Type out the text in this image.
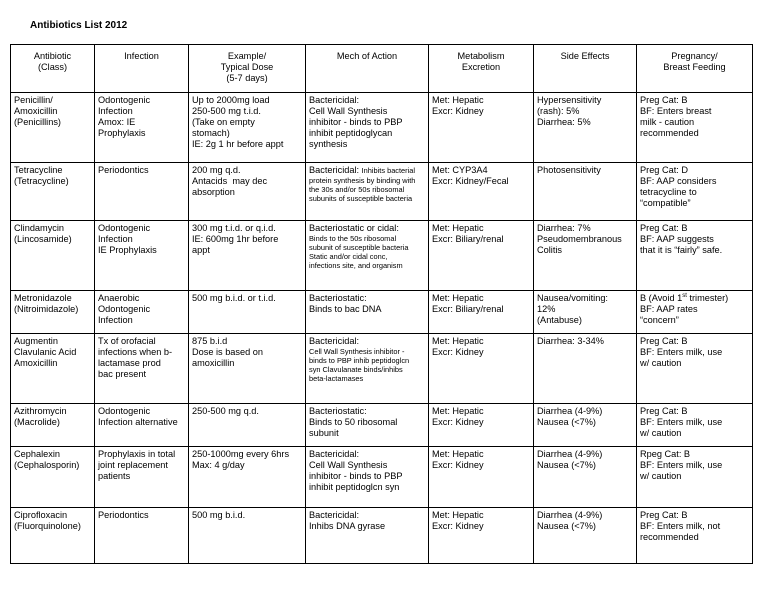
Antibiotics List 2012
Antibiotic
(Class)	Infection	Example/
Typical Dose
(5-7 days)	Mech of Action	Metabolism
Excretion	Side Effects	Pregnancy/
Breast Feeding

Penicillin/
Amoxicillin
(Penicillins)	Odontogenic
Infection
Amox: IE
Prophylaxis	Up to 2000mg load
250-500 mg t.i.d.
(Take on empty
stomach)
IE: 2g 1 hr before appt	Bactericidal:
Cell Wall Synthesis
inhibitor - binds to PBP
inhibit peptidoglycan
synthesis	Met: Hepatic
Excr: Kidney	Hypersensitivity
(rash): 5%
Diarrhea: 5%	Preg Cat: B
BF: Enters breast
milk - caution
recommended

Tetracycline
(Tetracycline)	Periodontics	200 mg q.d.
Antacids  may dec
absorption	Bactericidal: Inhibits bacterial
protein synthesis by binding with
the 30s and/or 50s ribosomal
subunits of susceptible bacteria	Met: CYP3A4
Excr: Kidney/Fecal	Photosensitivity	Preg Cat: D
BF: AAP considers
tetracycline to
“compatible”

Clindamycin
(Lincosamide)	Odontogenic
Infection
IE Prophylaxis	300 mg t.i.d. or q.i.d.
IE: 600mg 1hr before
appt	Bacteriostatic or cidal:
Binds to the 50s ribosomal
subunit of susceptible bacteria
Static and/or cidal conc,
infections site, and organism	Met: Hepatic
Excr: Biliary/renal	Diarrhea: 7%
Pseudomembranous
Colitis	Preg Cat: B
BF: AAP suggests
that it is “fairly” safe.

Metronidazole
(Nitroimidazole)	Anaerobic
Odontogenic
Infection	500 mg b.i.d. or t.i.d.	Bacteriostatic:
Binds to bac DNA	Met: Hepatic
Excr: Biliary/renal	Nausea/vomiting:
12%
(Antabuse)	B (Avoid 1st trimester)
BF: AAP rates
“concern”

Augmentin
Clavulanic Acid
Amoxicillin	Tx of orofacial
infections when b-
lactamase prod
bac present	875 b.i.d
Dose is based on
amoxicillin	Bactericidal:
Cell Wall Synthesis inhibitor -
binds to PBP inhib peptidoglcn
syn Clavulanate binds/inhibs
beta-lactamases	Met: Hepatic
Excr: Kidney	Diarrhea: 3-34%	Preg Cat: B
BF: Enters milk, use
w/ caution

Azithromycin
(Macrolide)	Odontogenic
Infection alternative	250-500 mg q.d.	Bacteriostatic:
Binds to 50 ribosomal
subunit	Met: Hepatic
Excr: Kidney	Diarrhea (4-9%)
Nausea (<7%)	Preg Cat: B
BF: Enters milk, use
w/ caution

Cephalexin
(Cephalosporin)	Prophylaxis in total
joint replacement
patients	250-1000mg every 6hrs
Max: 4 g/day	Bactericidal:
Cell Wall Synthesis
inhibitor - binds to PBP
inhibit peptidoglcn syn	Met: Hepatic
Excr: Kidney	Diarrhea (4-9%)
Nausea (<7%)	Rpeg Cat: B
BF: Enters milk, use
w/ caution

Ciprofloxacin
(Fluorquinolone)	Periodontics	500 mg b.i.d.	Bactericidal:
Inhibs DNA gyrase	Met: Hepatic
Excr: Kidney	Diarrhea (4-9%)
Nausea (<7%)	Preg Cat: B
BF: Enters milk, not
recommended
